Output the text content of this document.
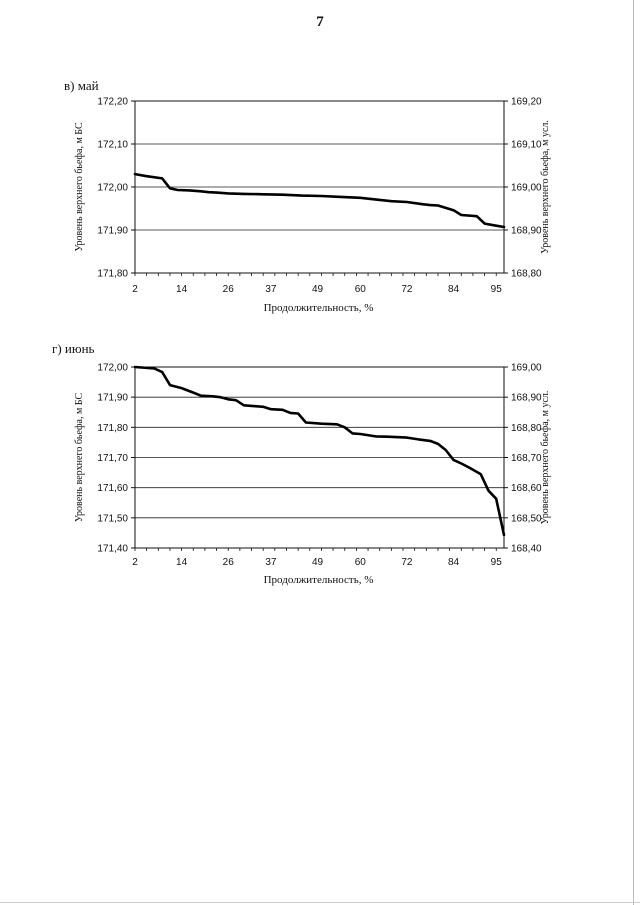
7
в) май
171,80	168,80
171,90	168,90
172,00	169,00
172,10	169,10
172,20	169,20
2	14	26	37	49	60	72	84	95
Продолжительность, %
Уровень верхнего бьефа, м БС	Уровень верхнего бьефа, м усл.
г) июнь
171,40	168,40
171,50	168,50
171,60	168,60
171,70	168,70
171,80	168,80
171,90	168,90
172,00	169,00
2	14	26	37	49	60	72	84	95
Продолжительность, %
Уровень верхнего бьефа, м БС	Уровень верхнего бьефа, м усл.
